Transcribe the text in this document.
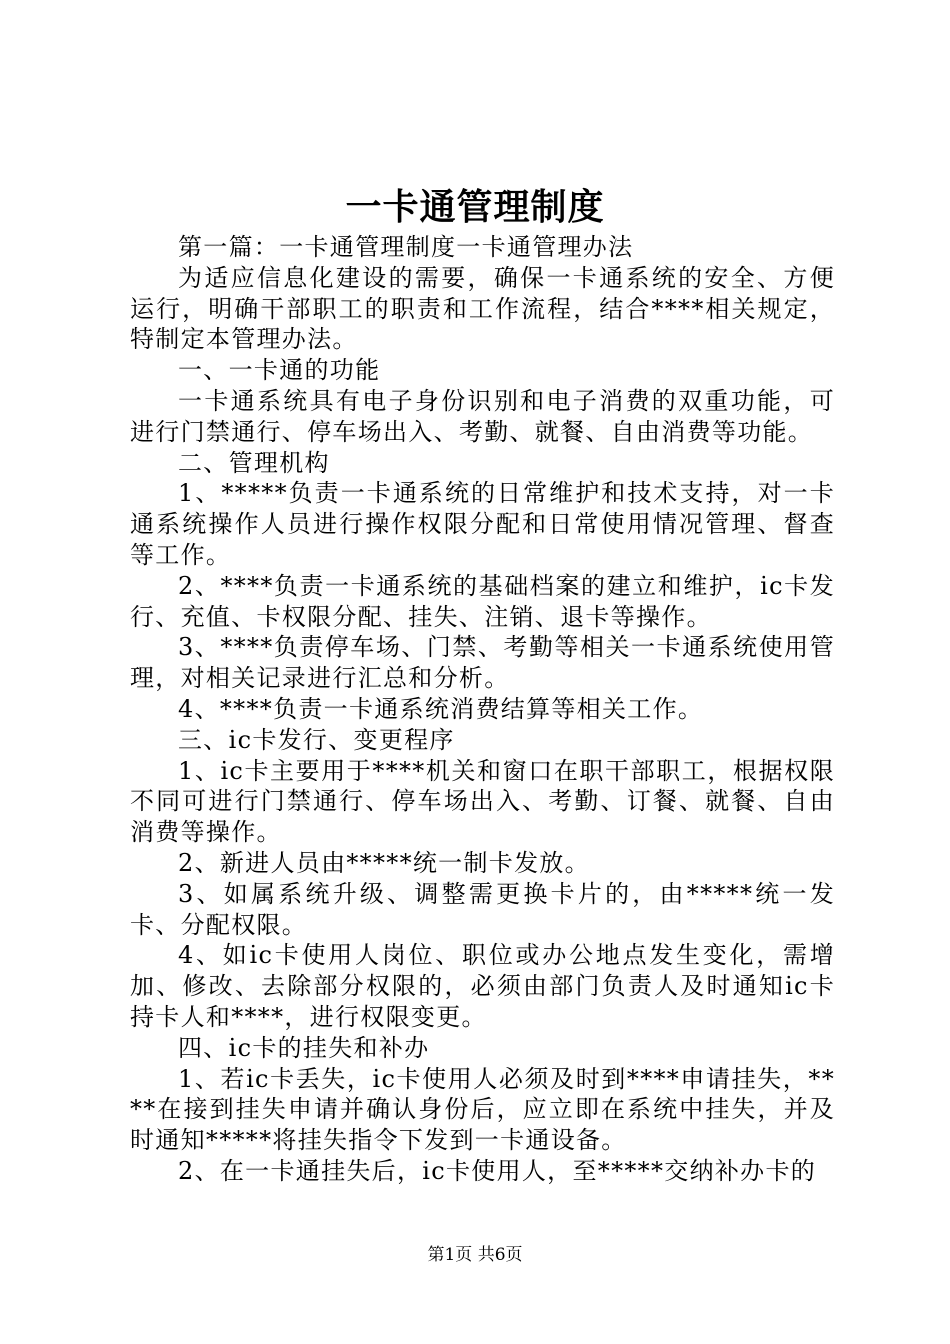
一卡通管理制度

第一篇：一卡通管理制度一卡通管理办法

为适应信息化建设的需要，确保一卡通系统的安全、方便运行，明确干部职工的职责和工作流程，结合****相关规定，特制定本管理办法。

一、一卡通的功能

一卡通系统具有电子身份识别和电子消费的双重功能，可进行门禁通行、停车场出入、考勤、就餐、自由消费等功能。

二、管理机构

1、*****负责一卡通系统的日常维护和技术支持，对一卡通系统操作人员进行操作权限分配和日常使用情况管理、督查等工作。

2、****负责一卡通系统的基础档案的建立和维护，ic卡发行、充值、卡权限分配、挂失、注销、退卡等操作。

3、****负责停车场、门禁、考勤等相关一卡通系统使用管理，对相关记录进行汇总和分析。

4、****负责一卡通系统消费结算等相关工作。

三、ic卡发行、变更程序

1、ic卡主要用于****机关和窗口在职干部职工，根据权限不同可进行门禁通行、停车场出入、考勤、订餐、就餐、自由消费等操作。

2、新进人员由*****统一制卡发放。

3、如属系统升级、调整需更换卡片的，由*****统一发卡、分配权限。

4、如ic卡使用人岗位、职位或办公地点发生变化，需增加、修改、去除部分权限的，必须由部门负责人及时通知ic卡持卡人和****，进行权限变更。

四、ic卡的挂失和补办

1、若ic卡丢失，ic卡使用人必须及时到****申请挂失，****在接到挂失申请并确认身份后，应立即在系统中挂失，并及时通知*****将挂失指令下发到一卡通设备。

2、在一卡通挂失后，ic卡使用人，至*****交纳补办卡的

第1页 共6页
